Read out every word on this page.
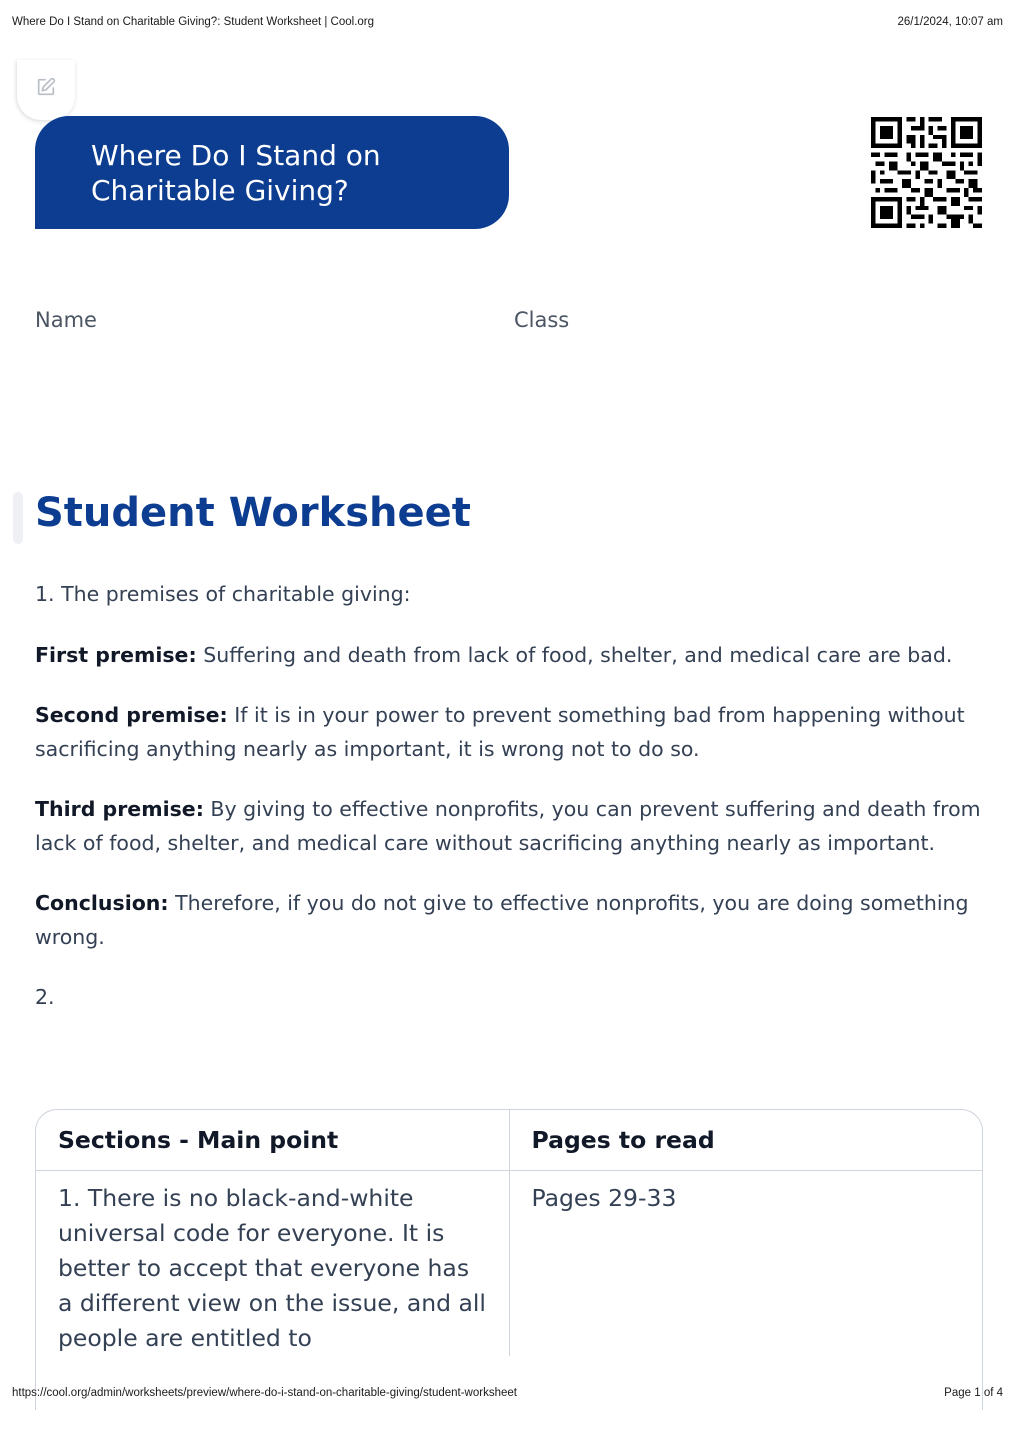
Where Do I Stand on Charitable Giving?: Student Worksheet | Cool.org	26/1/2024, 10:07 am
Where Do I Stand on Charitable Giving?
Name	Class
Student Worksheet

1. The premises of charitable giving:

First premise: Suffering and death from lack of food, shelter, and medical care are bad.

Second premise: If it is in your power to prevent something bad from happening without sacrificing anything nearly as important, it is wrong not to do so.

Third premise: By giving to effective nonprofits, you can prevent suffering and death from lack of food, shelter, and medical care without sacrificing anything nearly as important.

Conclusion: Therefore, if you do not give to effective nonprofits, you are doing something wrong.

2.

Sections - Main point	Pages to read
1. There is no black-and-white universal code for everyone. It is better to accept that everyone has a different view on the issue, and all people are entitled to	Pages 29-33
https://cool.org/admin/worksheets/preview/where-do-i-stand-on-charitable-giving/student-worksheet	Page 1 of 4
